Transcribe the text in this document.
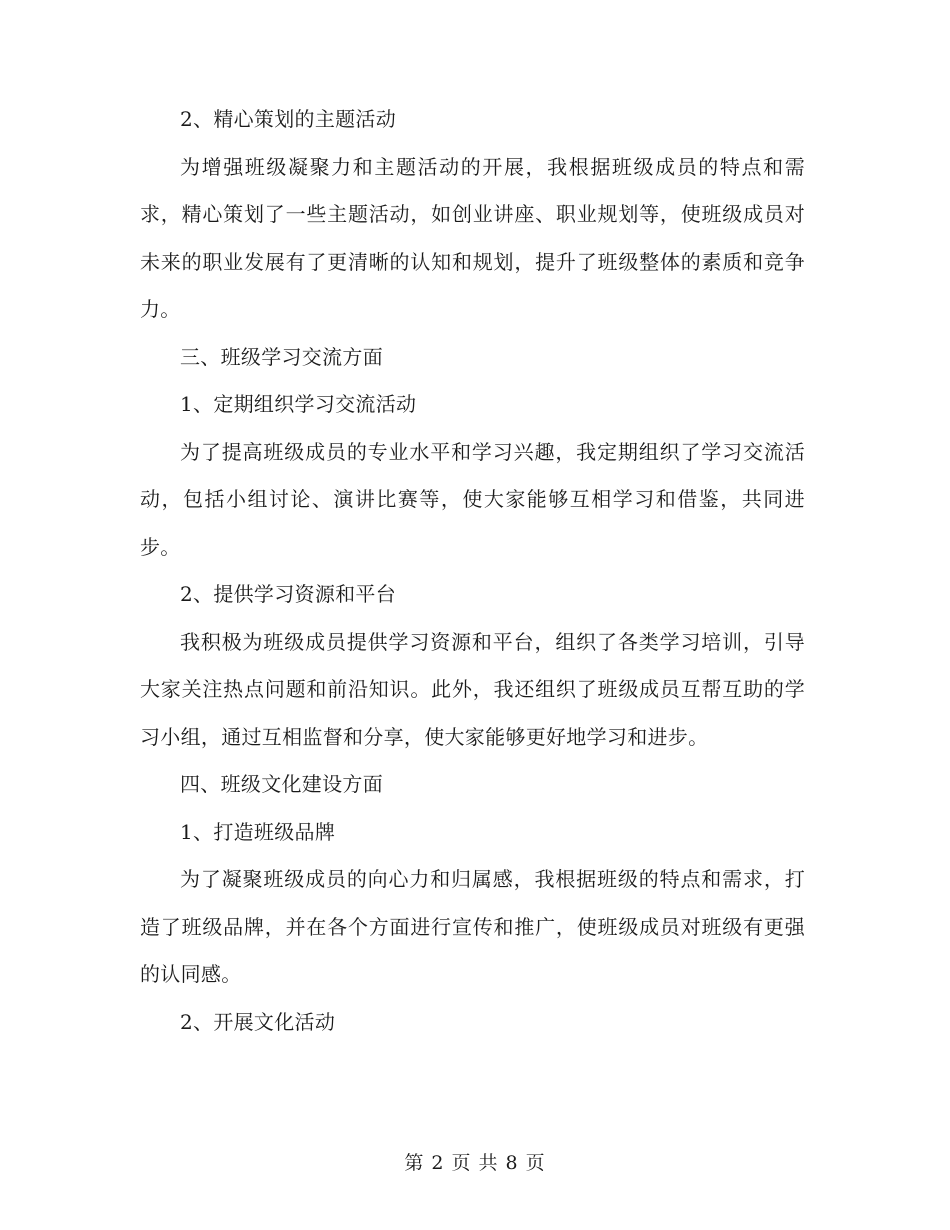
2、精心策划的主题活动

为增强班级凝聚力和主题活动的开展，我根据班级成员的特点和需求，精心策划了一些主题活动，如创业讲座、职业规划等，使班级成员对未来的职业发展有了更清晰的认知和规划，提升了班级整体的素质和竞争力。

三、班级学习交流方面

1、定期组织学习交流活动

为了提高班级成员的专业水平和学习兴趣，我定期组织了学习交流活动，包括小组讨论、演讲比赛等，使大家能够互相学习和借鉴，共同进步。

2、提供学习资源和平台

我积极为班级成员提供学习资源和平台，组织了各类学习培训，引导大家关注热点问题和前沿知识。此外，我还组织了班级成员互帮互助的学习小组，通过互相监督和分享，使大家能够更好地学习和进步。

四、班级文化建设方面

1、打造班级品牌

为了凝聚班级成员的向心力和归属感，我根据班级的特点和需求，打造了班级品牌，并在各个方面进行宣传和推广，使班级成员对班级有更强的认同感。

2、开展文化活动

第 2 页 共 8 页
